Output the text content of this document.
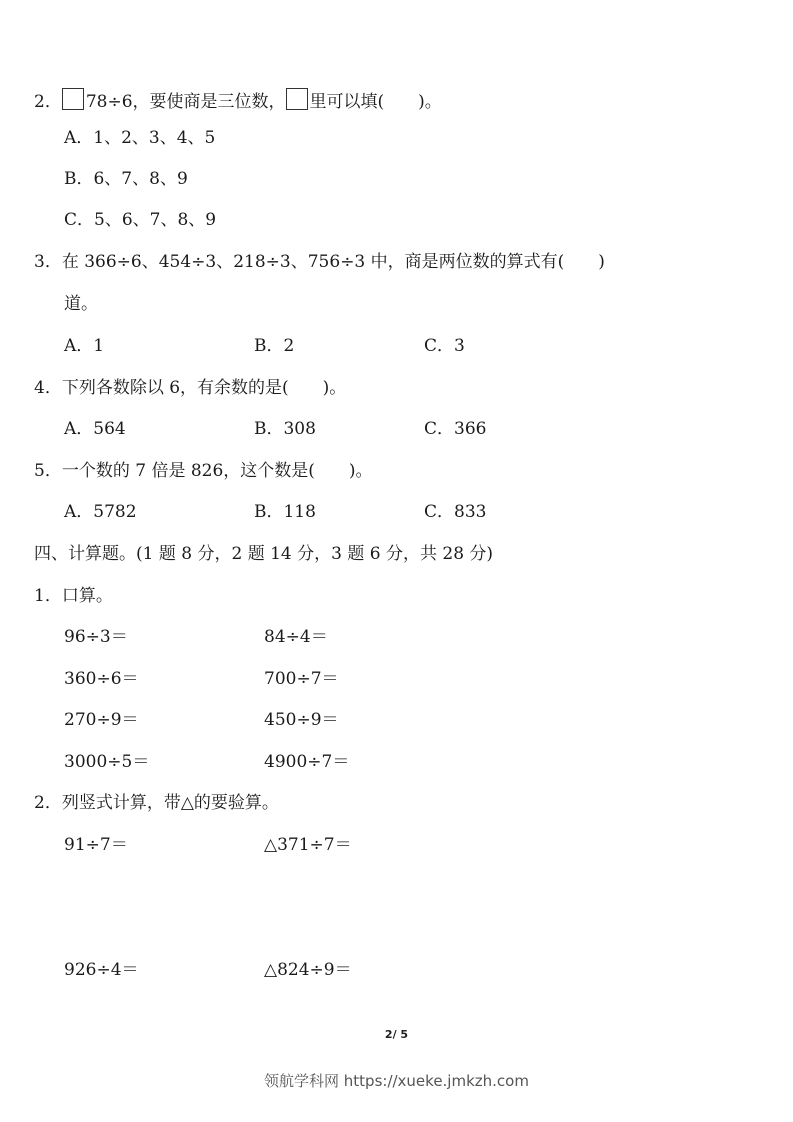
2． 78÷6，要使商是三位数， 里可以填(　　)。
A．1、2、3、4、5
B．6、7、8、9
C．5、6、7、8、9
3．在 366÷6、454÷3、218÷3、756÷3 中，商是两位数的算式有(　　)
道。
A．1	B．2	C．3
4．下列各数除以 6，有余数的是(　　)。
A．564	B．308	C．366
5．一个数的 7 倍是 826，这个数是(　　)。
A．5782	B．118	C．833
四、计算题。(1 题 8 分，2 题 14 分，3 题 6 分，共 28 分)
1．口算。
96÷3＝	84÷4＝
360÷6＝	700÷7＝
270÷9＝	450÷9＝
3000÷5＝	4900÷7＝
2．列竖式计算，带△的要验算。
91÷7＝	△371÷7＝
926÷4＝	△824÷9＝
2/ 5
领航学科网 https://xueke.jmkzh.com
